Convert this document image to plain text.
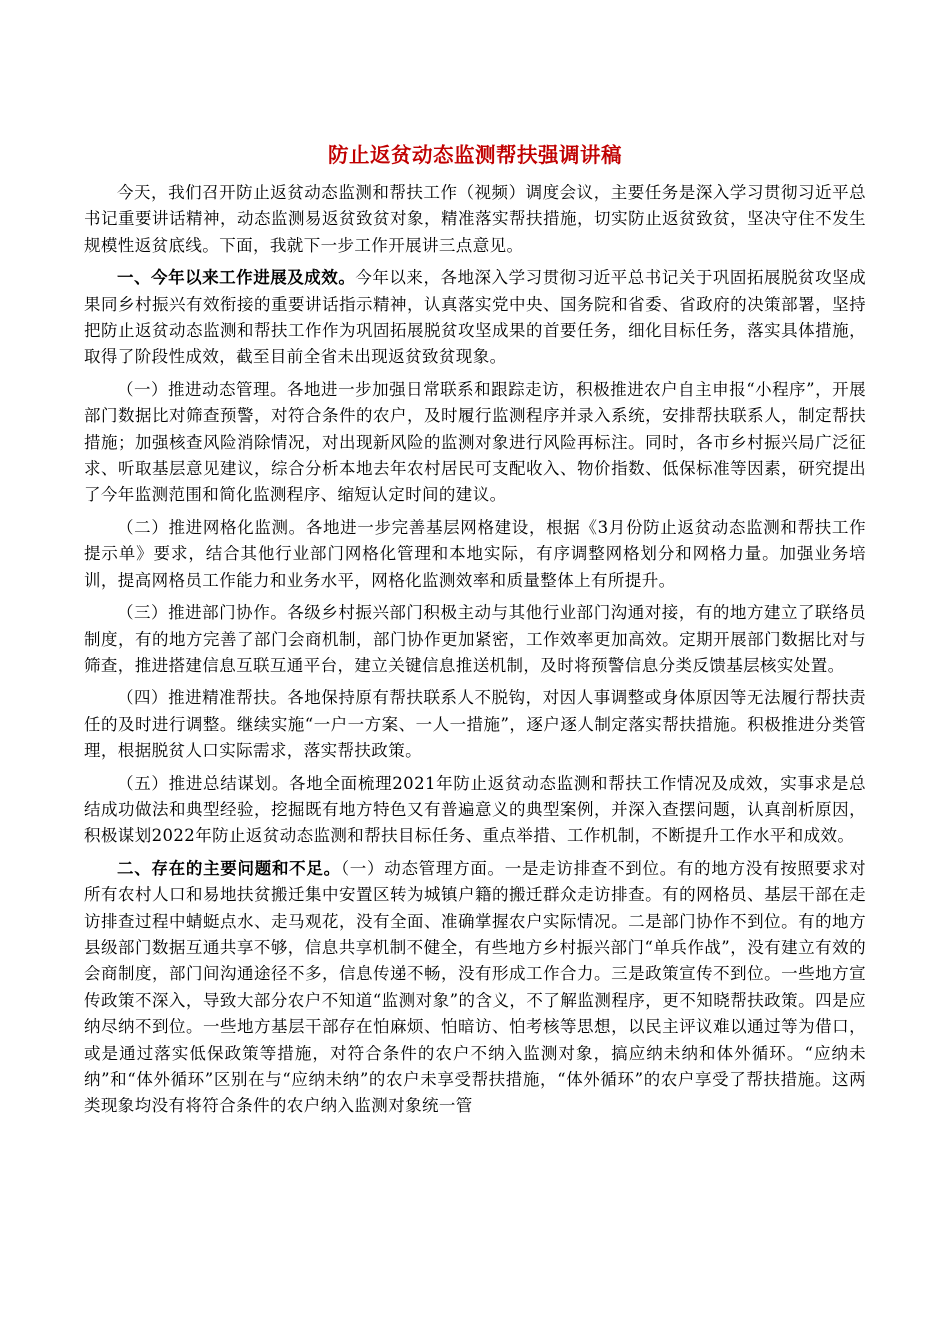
防止返贫动态监测帮扶强调讲稿

今天，我们召开防止返贫动态监测和帮扶工作（视频）调度会议，主要任务是深入学习贯彻习近平总书记重要讲话精神，动态监测易返贫致贫对象，精准落实帮扶措施，切实防止返贫致贫，坚决守住不发生规模性返贫底线。下面，我就下一步工作开展讲三点意见。

一、今年以来工作进展及成效。今年以来，各地深入学习贯彻习近平总书记关于巩固拓展脱贫攻坚成果同乡村振兴有效衔接的重要讲话指示精神，认真落实党中央、国务院和省委、省政府的决策部署，坚持把防止返贫动态监测和帮扶工作作为巩固拓展脱贫攻坚成果的首要任务，细化目标任务，落实具体措施，取得了阶段性成效，截至目前全省未出现返贫致贫现象。

（一）推进动态管理。各地进一步加强日常联系和跟踪走访，积极推进农户自主申报“小程序”，开展部门数据比对筛查预警，对符合条件的农户，及时履行监测程序并录入系统，安排帮扶联系人，制定帮扶措施；加强核查风险消除情况，对出现新风险的监测对象进行风险再标注。同时，各市乡村振兴局广泛征求、听取基层意见建议，综合分析本地去年农村居民可支配收入、物价指数、低保标准等因素，研究提出了今年监测范围和简化监测程序、缩短认定时间的建议。

（二）推进网格化监测。各地进一步完善基层网格建设，根据《3月份防止返贫动态监测和帮扶工作提示单》要求，结合其他行业部门网格化管理和本地实际，有序调整网格划分和网格力量。加强业务培训，提高网格员工作能力和业务水平，网格化监测效率和质量整体上有所提升。

（三）推进部门协作。各级乡村振兴部门积极主动与其他行业部门沟通对接，有的地方建立了联络员制度，有的地方完善了部门会商机制，部门协作更加紧密，工作效率更加高效。定期开展部门数据比对与筛查，推进搭建信息互联互通平台，建立关键信息推送机制，及时将预警信息分类反馈基层核实处置。

（四）推进精准帮扶。各地保持原有帮扶联系人不脱钩，对因人事调整或身体原因等无法履行帮扶责任的及时进行调整。继续实施“一户一方案、一人一措施”，逐户逐人制定落实帮扶措施。积极推进分类管理，根据脱贫人口实际需求，落实帮扶政策。

（五）推进总结谋划。各地全面梳理2021年防止返贫动态监测和帮扶工作情况及成效，实事求是总结成功做法和典型经验，挖掘既有地方特色又有普遍意义的典型案例，并深入查摆问题，认真剖析原因，积极谋划2022年防止返贫动态监测和帮扶目标任务、重点举措、工作机制，不断提升工作水平和成效。

二、存在的主要问题和不足。（一）动态管理方面。一是走访排查不到位。有的地方没有按照要求对所有农村人口和易地扶贫搬迁集中安置区转为城镇户籍的搬迁群众走访排查。有的网格员、基层干部在走访排查过程中蜻蜓点水、走马观花，没有全面、准确掌握农户实际情况。二是部门协作不到位。有的地方县级部门数据互通共享不够，信息共享机制不健全，有些地方乡村振兴部门“单兵作战”，没有建立有效的会商制度，部门间沟通途径不多，信息传递不畅，没有形成工作合力。三是政策宣传不到位。一些地方宣传政策不深入，导致大部分农户不知道“监测对象”的含义，不了解监测程序，更不知晓帮扶政策。四是应纳尽纳不到位。一些地方基层干部存在怕麻烦、怕暗访、怕考核等思想，以民主评议难以通过等为借口，或是通过落实低保政策等措施，对符合条件的农户不纳入监测对象，搞应纳未纳和体外循环。“应纳未纳”和“体外循环”区别在与“应纳未纳”的农户未享受帮扶措施，“体外循环”的农户享受了帮扶措施。这两类现象均没有将符合条件的农户纳入监测对象统一管
